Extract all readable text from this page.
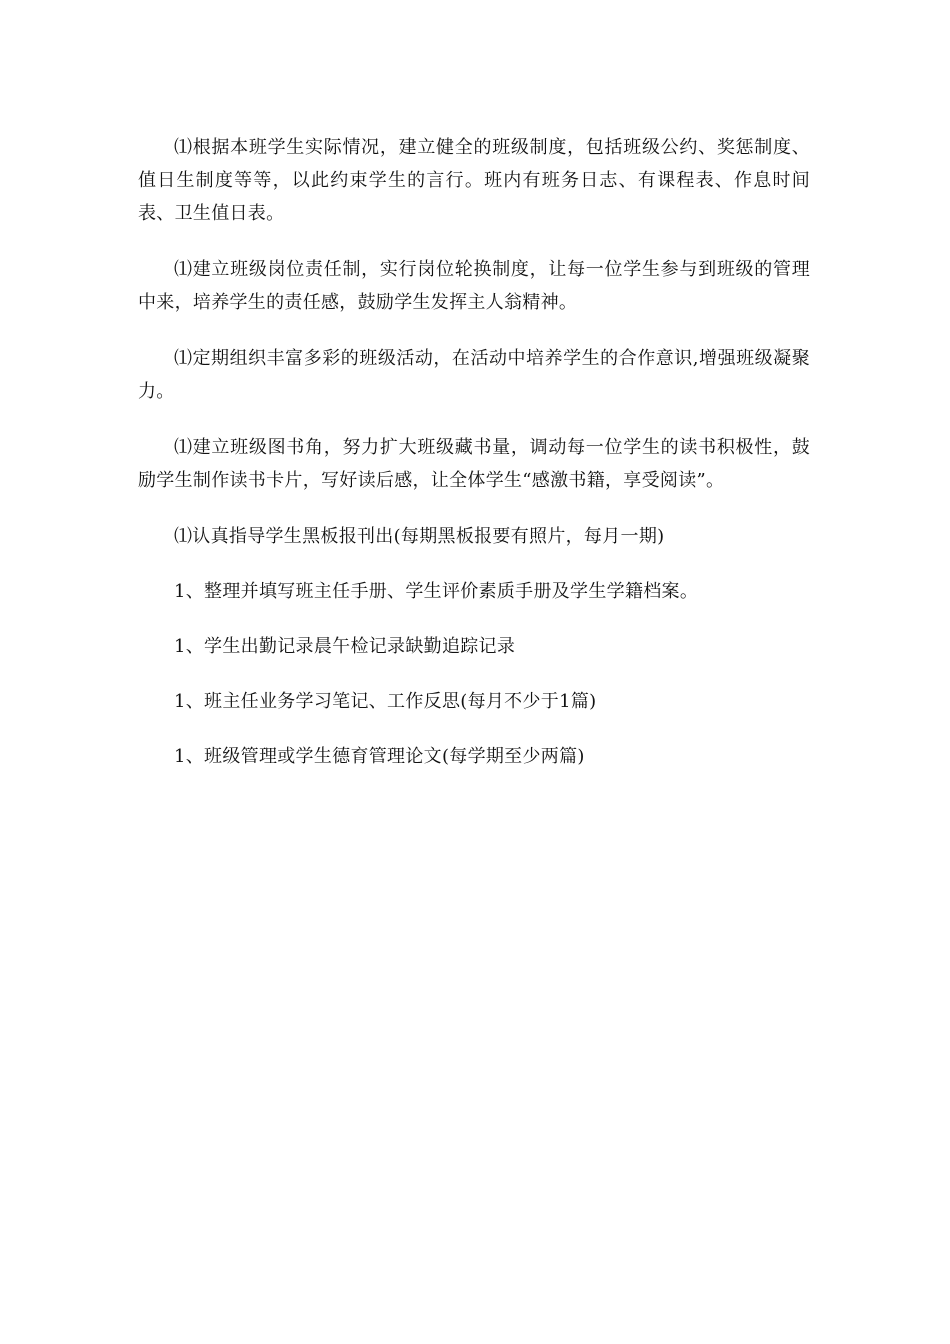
⑴根据本班学生实际情况，建立健全的班级制度，包括班级公约、奖惩制度、值日生制度等等，以此约束学生的言行。班内有班务日志、有课程表、作息时间表、卫生值日表。

⑴建立班级岗位责任制，实行岗位轮换制度，让每一位学生参与到班级的管理中来，培养学生的责任感，鼓励学生发挥主人翁精神。

⑴定期组织丰富多彩的班级活动，在活动中培养学生的合作意识,增强班级凝聚力。

⑴建立班级图书角，努力扩大班级藏书量，调动每一位学生的读书积极性，鼓励学生制作读书卡片，写好读后感，让全体学生“感激书籍，享受阅读”。

⑴认真指导学生黑板报刊出(每期黑板报要有照片，每月一期)

1、整理并填写班主任手册、学生评价素质手册及学生学籍档案。

1、学生出勤记录晨午检记录缺勤追踪记录

1、班主任业务学习笔记、工作反思(每月不少于1篇)

1、班级管理或学生德育管理论文(每学期至少两篇)
